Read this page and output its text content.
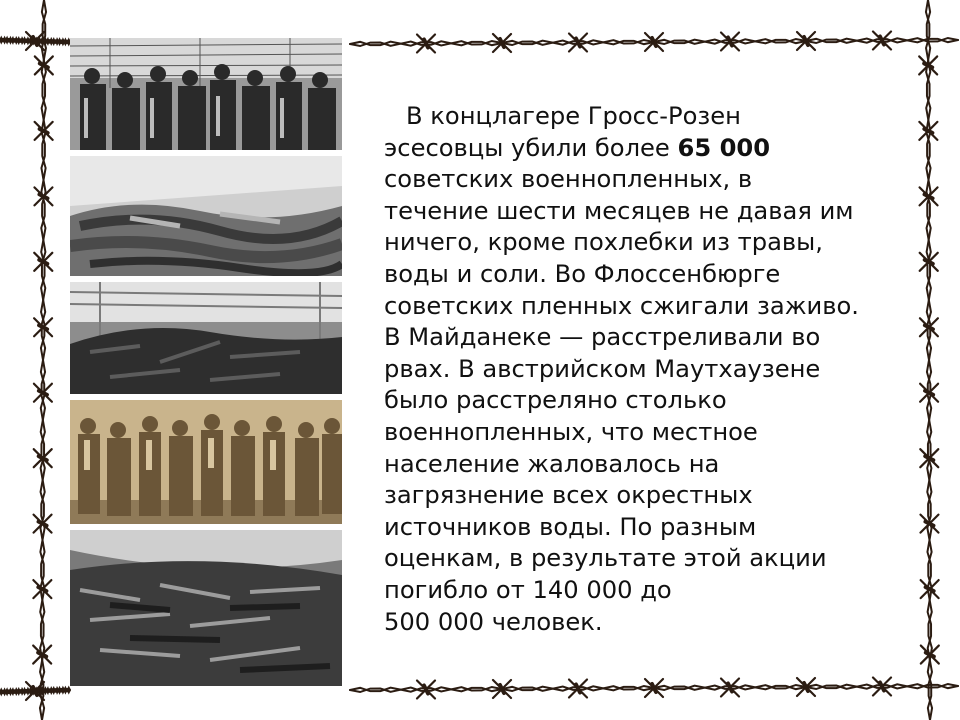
В концлагере Гросс-Розен
эсесовцы убили более 65 000
советских военнопленных, в
течение шести месяцев не давая им
ничего, кроме похлебки из травы,
воды и соли. Во Флоссенбюрге
советских пленных сжигали заживо.
В Майданеке — расстреливали во
рвах. В австрийском Маутхаузене
было расстреляно столько
военнопленных, что местное
население жаловалось на
загрязнение всех окрестных
источников воды. По разным
оценкам, в результате этой акции
погибло от 140 000 до
500 000 человек.
